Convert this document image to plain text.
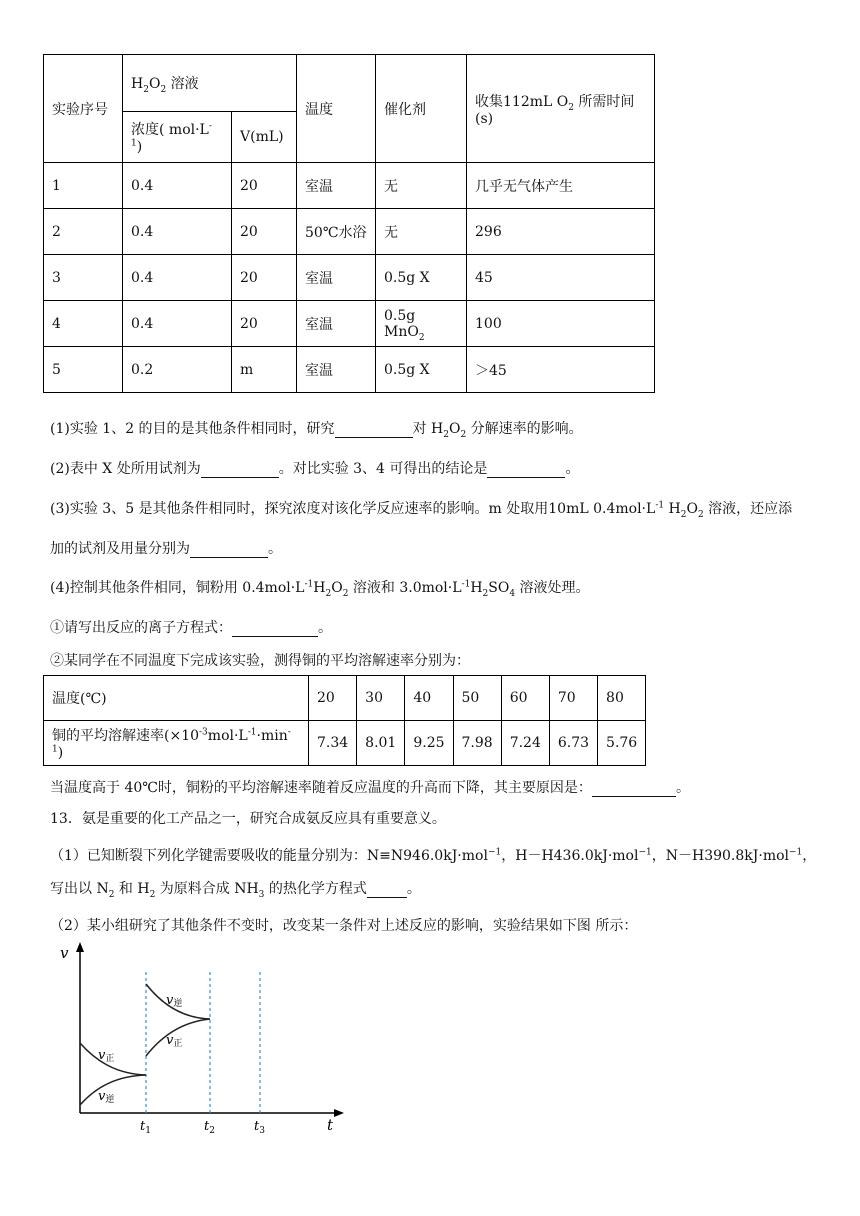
实验序号	$H_2O_2$ 溶液		温度	催化剂	收集112mL $O_2$ 所需时间(s)
	浓度( $mol\cdot L^{-1}$)	V(mL)			
1	0.4	20	室温	无	几乎无气体产生
2	0.4	20	50℃水浴	无	296
3	0.4	20	室温	0.5g X	45
4	0.4	20	室温	0.5g MnO$_2$	100
5	0.2	m	室温	0.5g X	＞45
(1)实验 1、2 的目的是其他条件相同时，研究	对 $H_2O_2$ 分解速率的影响。
(2)表中 X 处所用试剂为	。对比实验 3、4 可得出的结论是	。
(3)实验 3、5 是其他条件相同时，探究浓度对该化学反应速率的影响。m 处取用10mL $0.4mol\cdot L^{-1}$ $H_2O_2$ 溶液，还应添
加的试剂及用量分别为	。
(4)控制其他条件相同，铜粉用 $0.4mol\cdot L^{-1}H_2O_2$ 溶液和 $3.0mol\cdot L^{-1}H_2SO_4$ 溶液处理。
①请写出反应的离子方程式：	。
②某同学在不同温度下完成该实验，测得铜的平均溶解速率分别为：
温度(℃)	20	30	40	50	60	70	80
铜的平均溶解速率$(\times 10^{-3}mol\cdot L^{-1}\cdot\min^{-1})$	7.34	8.01	9.25	7.98	7.24	6.73	5.76
当温度高于 40℃时，铜粉的平均溶解速率随着反应温度的升高而下降，其主要原因是：	。
13．氨是重要的化工产品之一，研究合成氨反应具有重要意义。
（1）已知断裂下列化学键需要吸收的能量分别为：N≡N946.0kJ·mol$^{-1}$，H－H436.0kJ·mol$^{-1}$，N－H390.8kJ·mol$^{-1}$，
写出以 $N_2$ 和 $H_2$ 为原料合成 $NH_3$ 的热化学方程式	。
（2）某小组研究了其他条件不变时，改变某一条件对上述反应的影响，实验结果如下图 所示：
v
t
v正
v逆
v逆
v正
$t_1$	$t_2$	$t_3$
